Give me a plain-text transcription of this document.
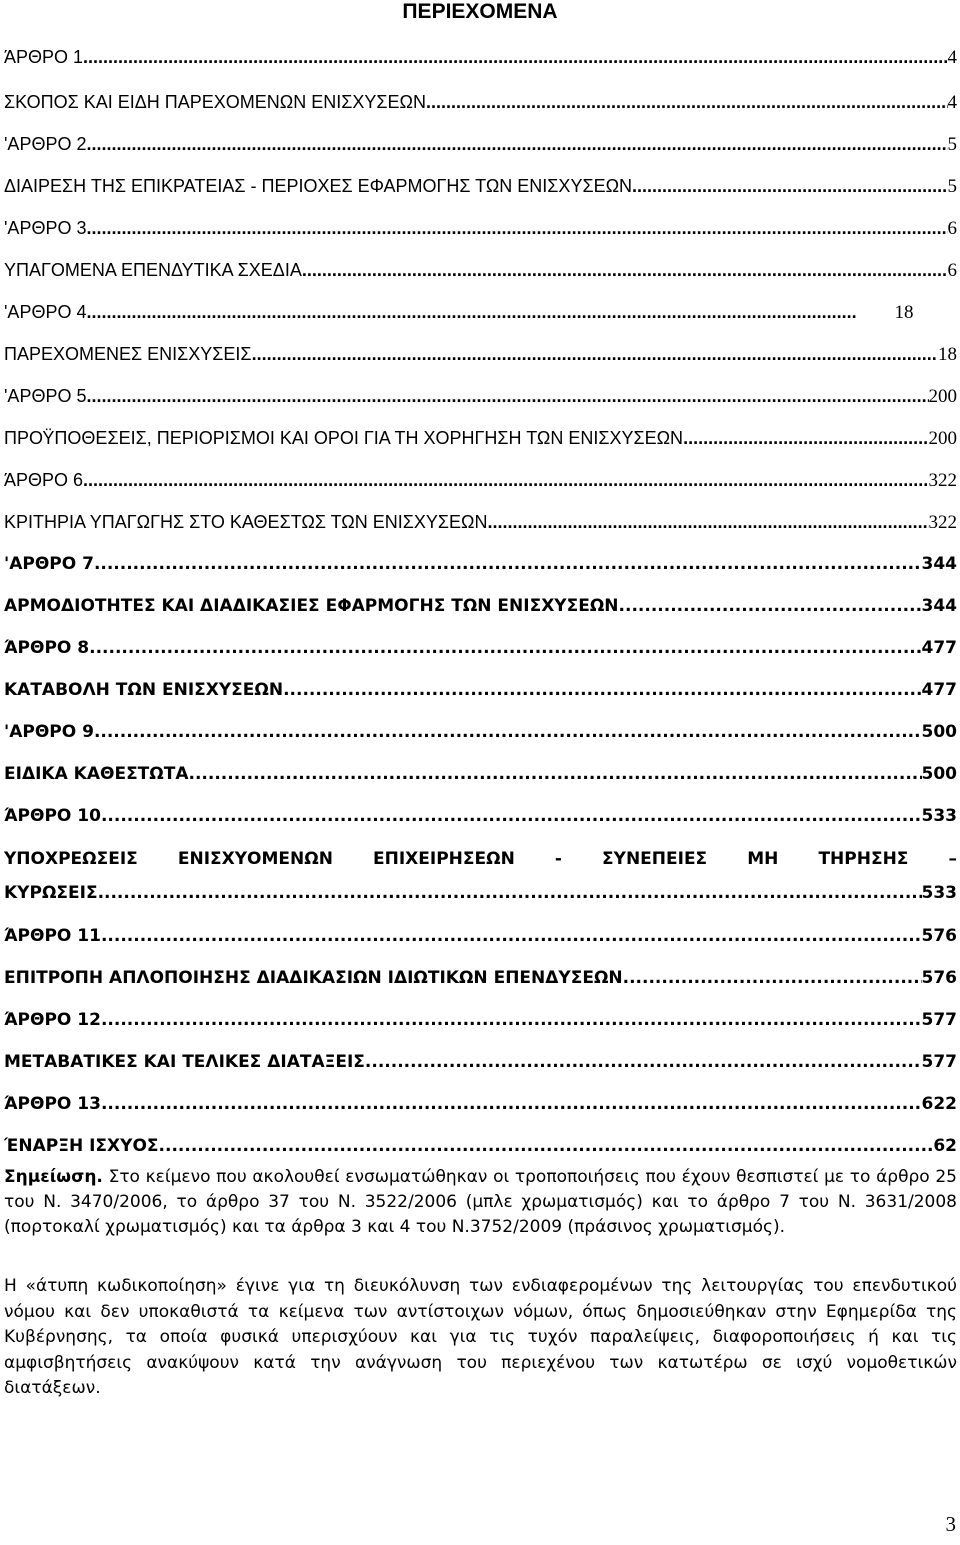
ΠΕΡΙΕΧΟΜΕΝΑ
ΆΡΘΡΟ 1 .....	4
ΣΚΟΠΟΣ ΚΑΙ ΕΙΔΗ ΠΑΡΕΧΟΜΕΝΩΝ ΕΝΙΣΧΥΣΕΩΝ .....	4
'ΑΡΘΡΟ 2 .....	5
ΔΙΑΙΡΕΣΗ ΤΗΣ ΕΠΙΚΡΑΤΕΙΑΣ - ΠΕΡΙΟΧΕΣ ΕΦΑΡΜΟΓΗΣ ΤΩΝ ΕΝΙΣΧΥΣΕΩΝ .....	5
'ΑΡΘΡΟ 3 .....	6
ΥΠΑΓΟΜΕΝΑ ΕΠΕΝΔΥΤΙΚΑ ΣΧΕΔΙΑ .....	6
'ΑΡΘΡΟ 4 .....	18
ΠΑΡΕΧΟΜΕΝΕΣ ΕΝΙΣΧΥΣΕΙΣ .....	18
'ΑΡΘΡΟ 5 .....	200
ΠΡΟΫΠΟΘΕΣΕΙΣ, ΠΕΡΙΟΡΙΣΜΟΙ ΚΑΙ ΟΡΟΙ ΓΙΑ ΤΗ ΧΟΡΗΓΗΣΗ ΤΩΝ ΕΝΙΣΧΥΣΕΩΝ .....	200
ΆΡΘΡΟ 6 .....	322
ΚΡΙΤΗΡΙΑ ΥΠΑΓΩΓΗΣ ΣΤΟ ΚΑΘΕΣΤΩΣ ΤΩΝ ΕΝΙΣΧΥΣΕΩΝ .....	322
'ΑΡΘΡΟ 7 .....	344
ΑΡΜΟΔΙΟΤΗΤΕΣ ΚΑΙ ΔΙΑΔΙΚΑΣΙΕΣ ΕΦΑΡΜΟΓΗΣ ΤΩΝ ΕΝΙΣΧΥΣΕΩΝ .....	344
ΆΡΘΡΟ 8 .....	477
ΚΑΤΑΒΟΛΗ ΤΩΝ ΕΝΙΣΧΥΣΕΩΝ .....	477
'ΑΡΘΡΟ 9 .....	500
ΕΙΔΙΚΑ ΚΑΘΕΣΤΩΤΑ .....	500
ΆΡΘΡΟ 10 .....	533
ΥΠΟΧΡΕΩΣΕΙΣ ΕΝΙΣΧΥΟΜΕΝΩΝ ΕΠΙΧΕΙΡΗΣΕΩΝ - ΣΥΝΕΠΕΙΕΣ ΜΗ ΤΗΡΗΣΗΣ –
ΚΥΡΩΣΕΙΣ .....	533
ΆΡΘΡΟ 11 .....	576
ΕΠΙΤΡΟΠΗ ΑΠΛΟΠΟΙΗΣΗΣ ΔΙΑΔΙΚΑΣΙΩΝ ΙΔΙΩΤΙΚΩΝ ΕΠΕΝΔΥΣΕΩΝ .....	576
ΆΡΘΡΟ 12 .....	577
ΜΕΤΑΒΑΤΙΚΕΣ ΚΑΙ ΤΕΛΙΚΕΣ ΔΙΑΤΑΞΕΙΣ .....	577
ΆΡΘΡΟ 13 .....	622
ΈΝΑΡΞΗ ΙΣΧΥΟΣ .....	62
Σημείωση. Στο κείμενο που ακολουθεί ενσωματώθηκαν οι τροποποιήσεις που έχουν θεσπιστεί με το άρθρο 25 του Ν. 3470/2006, το άρθρο 37 του Ν. 3522/2006 (μπλε χρωματισμός) και το άρθρο 7 του Ν. 3631/2008 (πορτοκαλί χρωματισμός) και τα άρθρα 3 και 4 του Ν.3752/2009 (πράσινος χρωματισμός).
Η «άτυπη κωδικοποίηση» έγινε για τη διευκόλυνση των ενδιαφερομένων της λειτουργίας του επενδυτικού νόμου και δεν υποκαθιστά τα κείμενα των αντίστοιχων νόμων, όπως δημοσιεύθηκαν στην Εφημερίδα της Κυβέρνησης, τα οποία φυσικά υπερισχύουν και για τις τυχόν παραλείψεις, διαφοροποιήσεις ή και τις αμφισβητήσεις ανακύψουν κατά την ανάγνωση του περιεχένου των κατωτέρω σε ισχύ νομοθετικών διατάξεων.
3
